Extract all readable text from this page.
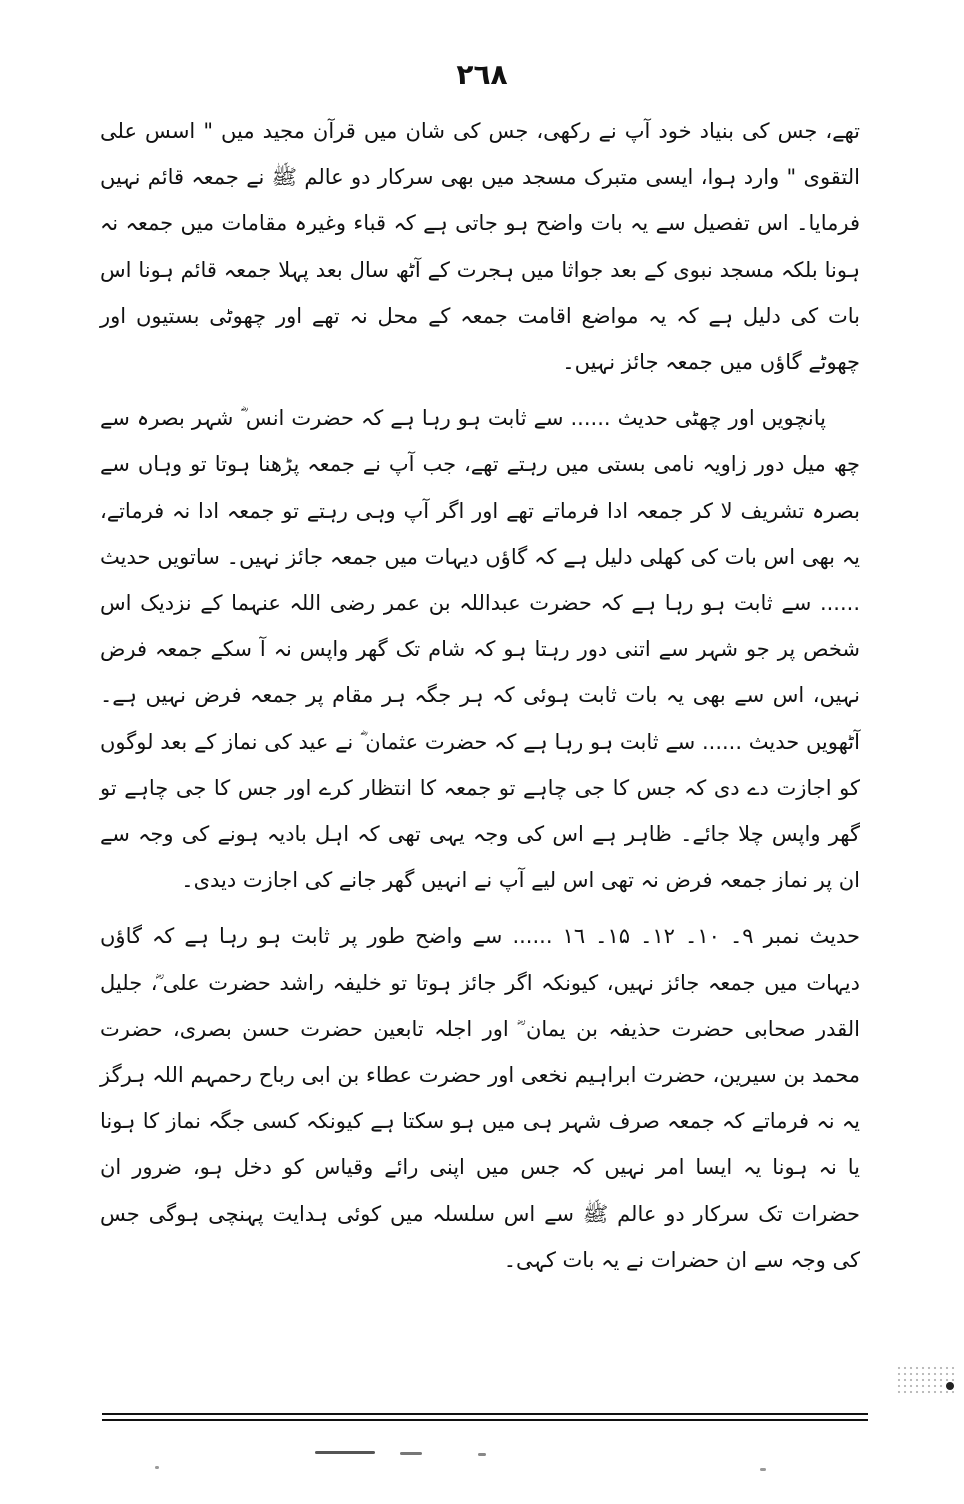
۲٦۸

تھے، جس کی بنیاد خود آپ نے رکھی، جس کی شان میں قرآن مجید میں " اسس علی التقوی " وارد ہوا، ایسی متبرک مسجد میں بھی سرکار دو عالم ﷺ نے جمعہ قائم نہیں فرمایا۔ اس تفصیل سے یہ بات واضح ہو جاتی ہے کہ قباء وغیرہ مقامات میں جمعہ نہ ہونا بلکہ مسجد نبوی کے بعد جواثا میں ہجرت کے آٹھ سال بعد پہلا جمعہ قائم ہونا اس بات کی دلیل ہے کہ یہ مواضع اقامت جمعہ کے محل نہ تھے اور چھوٹی بستیوں اور چھوٹے گاؤں میں جمعہ جائز نہیں۔

پانچویں اور چھٹی حدیث ...... سے ثابت ہو رہا ہے کہ حضرت انس ؓ شہر بصرہ سے چھ میل دور زاویہ نامی بستی میں رہتے تھے، جب آپ نے جمعہ پڑھنا ہوتا تو وہاں سے بصرہ تشریف لا کر جمعہ ادا فرماتے تھے اور اگر آپ وہی رہتے تو جمعہ ادا نہ فرماتے، یہ بھی اس بات کی کھلی دلیل ہے کہ گاؤں دیہات میں جمعہ جائز نہیں۔ ساتویں حدیث ...... سے ثابت ہو رہا ہے کہ حضرت عبداللہ بن عمر رضی اللہ عنہما کے نزدیک اس شخص پر جو شہر سے اتنی دور رہتا ہو کہ شام تک گھر واپس نہ آ سکے جمعہ فرض نہیں، اس سے بھی یہ بات ثابت ہوئی کہ ہر جگہ ہر مقام پر جمعہ فرض نہیں ہے۔ آٹھویں حدیث ...... سے ثابت ہو رہا ہے کہ حضرت عثمان ؓ نے عید کی نماز کے بعد لوگوں کو اجازت دے دی کہ جس کا جی چاہے تو جمعہ کا انتظار کرے اور جس کا جی چاہے تو گھر واپس چلا جائے۔ ظاہر ہے اس کی وجہ یہی تھی کہ اہل بادیہ ہونے کی وجہ سے ان پر نماز جمعہ فرض نہ تھی اس لیے آپ نے انہیں گھر جانے کی اجازت دیدی۔

حدیث نمبر ۹۔ ۱۰۔ ۱۲۔ ۱۵۔ ۱٦ ...... سے واضح طور پر ثابت ہو رہا ہے کہ گاؤں دیہات میں جمعہ جائز نہیں، کیونکہ اگر جائز ہوتا تو خلیفہ راشد حضرت علی ؓ، جلیل القدر صحابی حضرت حذیفہ بن یمان ؓ اور اجلہ تابعین حضرت حسن بصری، حضرت محمد بن سیرین، حضرت ابراہیم نخعی اور حضرت عطاء بن ابی رباح رحمہم اللہ ہرگز یہ نہ فرماتے کہ جمعہ صرف شہر ہی میں ہو سکتا ہے کیونکہ کسی جگہ نماز کا ہونا یا نہ ہونا یہ ایسا امر نہیں کہ جس میں اپنی رائے وقیاس کو دخل ہو، ضرور ان حضرات تک سرکار دو عالم ﷺ سے اس سلسلہ میں کوئی ہدایت پہنچی ہوگی جس کی وجہ سے ان حضرات نے یہ بات کہی۔
